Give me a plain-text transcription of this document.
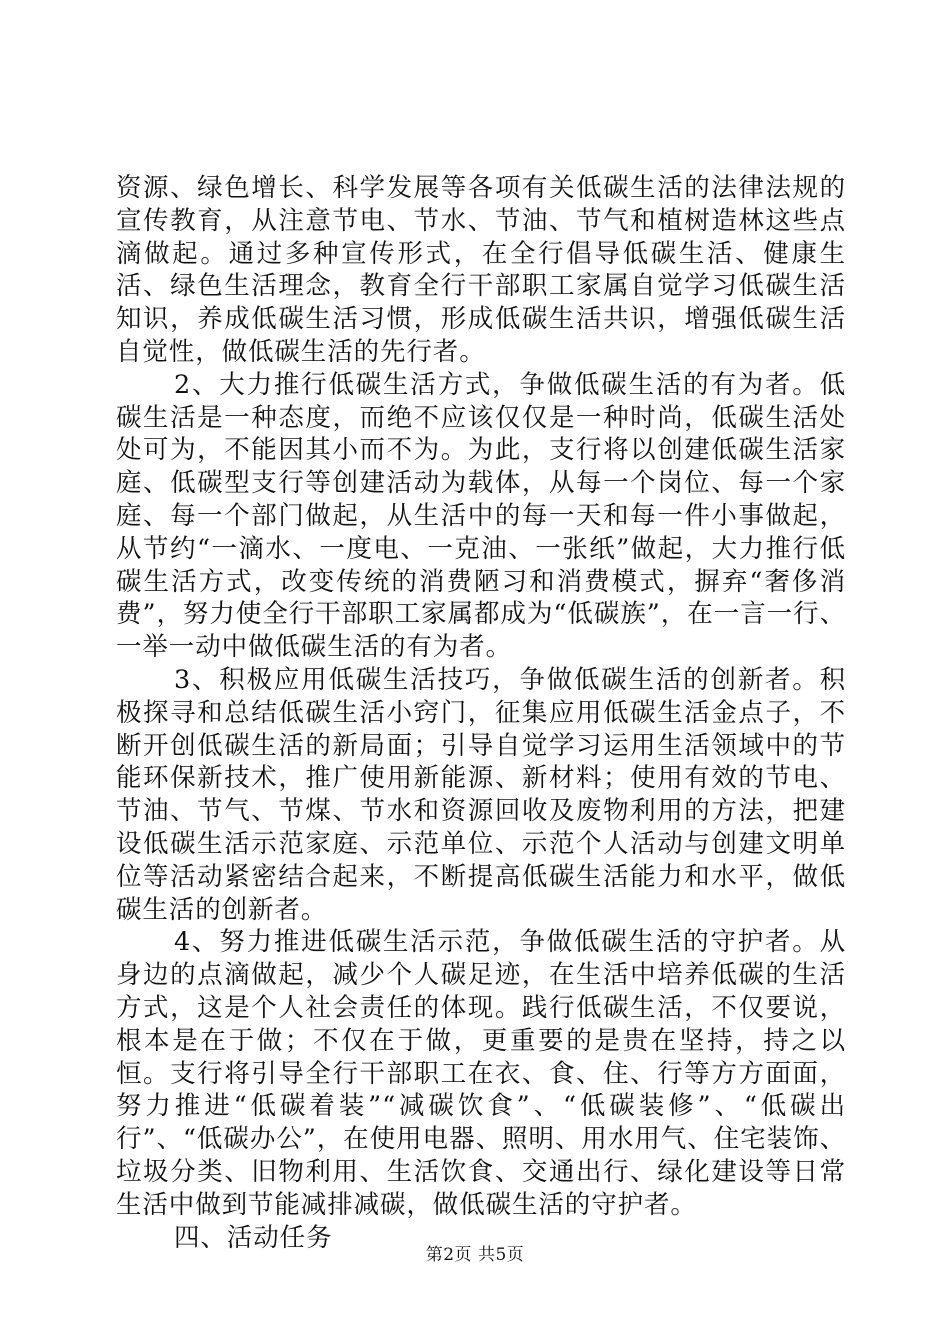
资源、绿色增长、科学发展等各项有关低碳生活的法律法规的宣传教育，从注意节电、节水、节油、节气和植树造林这些点滴做起。通过多种宣传形式，在全行倡导低碳生活、健康生活、绿色生活理念，教育全行干部职工家属自觉学习低碳生活知识，养成低碳生活习惯，形成低碳生活共识，增强低碳生活自觉性，做低碳生活的先行者。

2、大力推行低碳生活方式，争做低碳生活的有为者。低碳生活是一种态度，而绝不应该仅仅是一种时尚，低碳生活处处可为，不能因其小而不为。为此，支行将以创建低碳生活家庭、低碳型支行等创建活动为载体，从每一个岗位、每一个家庭、每一个部门做起，从生活中的每一天和每一件小事做起，从节约“一滴水、一度电、一克油、一张纸”做起，大力推行低碳生活方式，改变传统的消费陋习和消费模式，摒弃“奢侈消费”，努力使全行干部职工家属都成为“低碳族”，在一言一行、一举一动中做低碳生活的有为者。

3、积极应用低碳生活技巧，争做低碳生活的创新者。积极探寻和总结低碳生活小窍门，征集应用低碳生活金点子，不断开创低碳生活的新局面；引导自觉学习运用生活领域中的节能环保新技术，推广使用新能源、新材料；使用有效的节电、节油、节气、节煤、节水和资源回收及废物利用的方法，把建设低碳生活示范家庭、示范单位、示范个人活动与创建文明单位等活动紧密结合起来，不断提高低碳生活能力和水平，做低碳生活的创新者。

4、努力推进低碳生活示范，争做低碳生活的守护者。从身边的点滴做起，减少个人碳足迹，在生活中培养低碳的生活方式，这是个人社会责任的体现。践行低碳生活，不仅要说，根本是在于做；不仅在于做，更重要的是贵在坚持，持之以恒。支行将引导全行干部职工在衣、食、住、行等方方面面，努力推进“低碳着装”“减碳饮食”、“低碳装修”、“低碳出行”、“低碳办公”，在使用电器、照明、用水用气、住宅装饰、垃圾分类、旧物利用、生活饮食、交通出行、绿化建设等日常生活中做到节能减排减碳，做低碳生活的守护者。

四、活动任务

第2页 共5页
